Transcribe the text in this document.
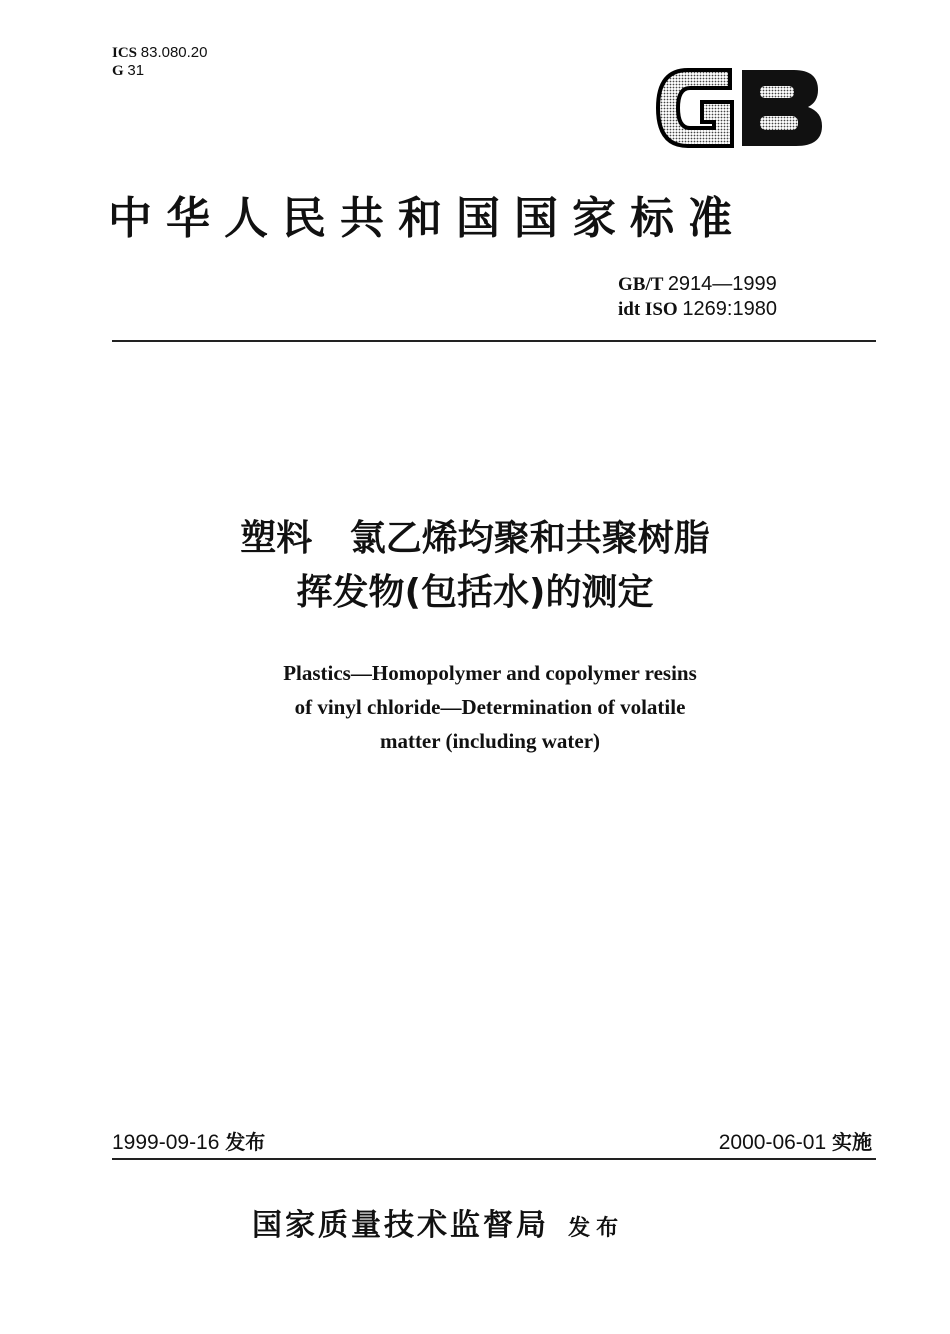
ICS 83.080.20
G 31
中华人民共和国国家标准
GB/T 2914—1999
idt ISO 1269:1980
塑料   氯乙烯均聚和共聚树脂
挥发物(包括水)的测定
Plastics—Homopolymer and copolymer resins
of vinyl chloride—Determination of volatile
matter (including water)
1999-09-16 发布	2000-06-01 实施
国家质量技术监督局 发布
